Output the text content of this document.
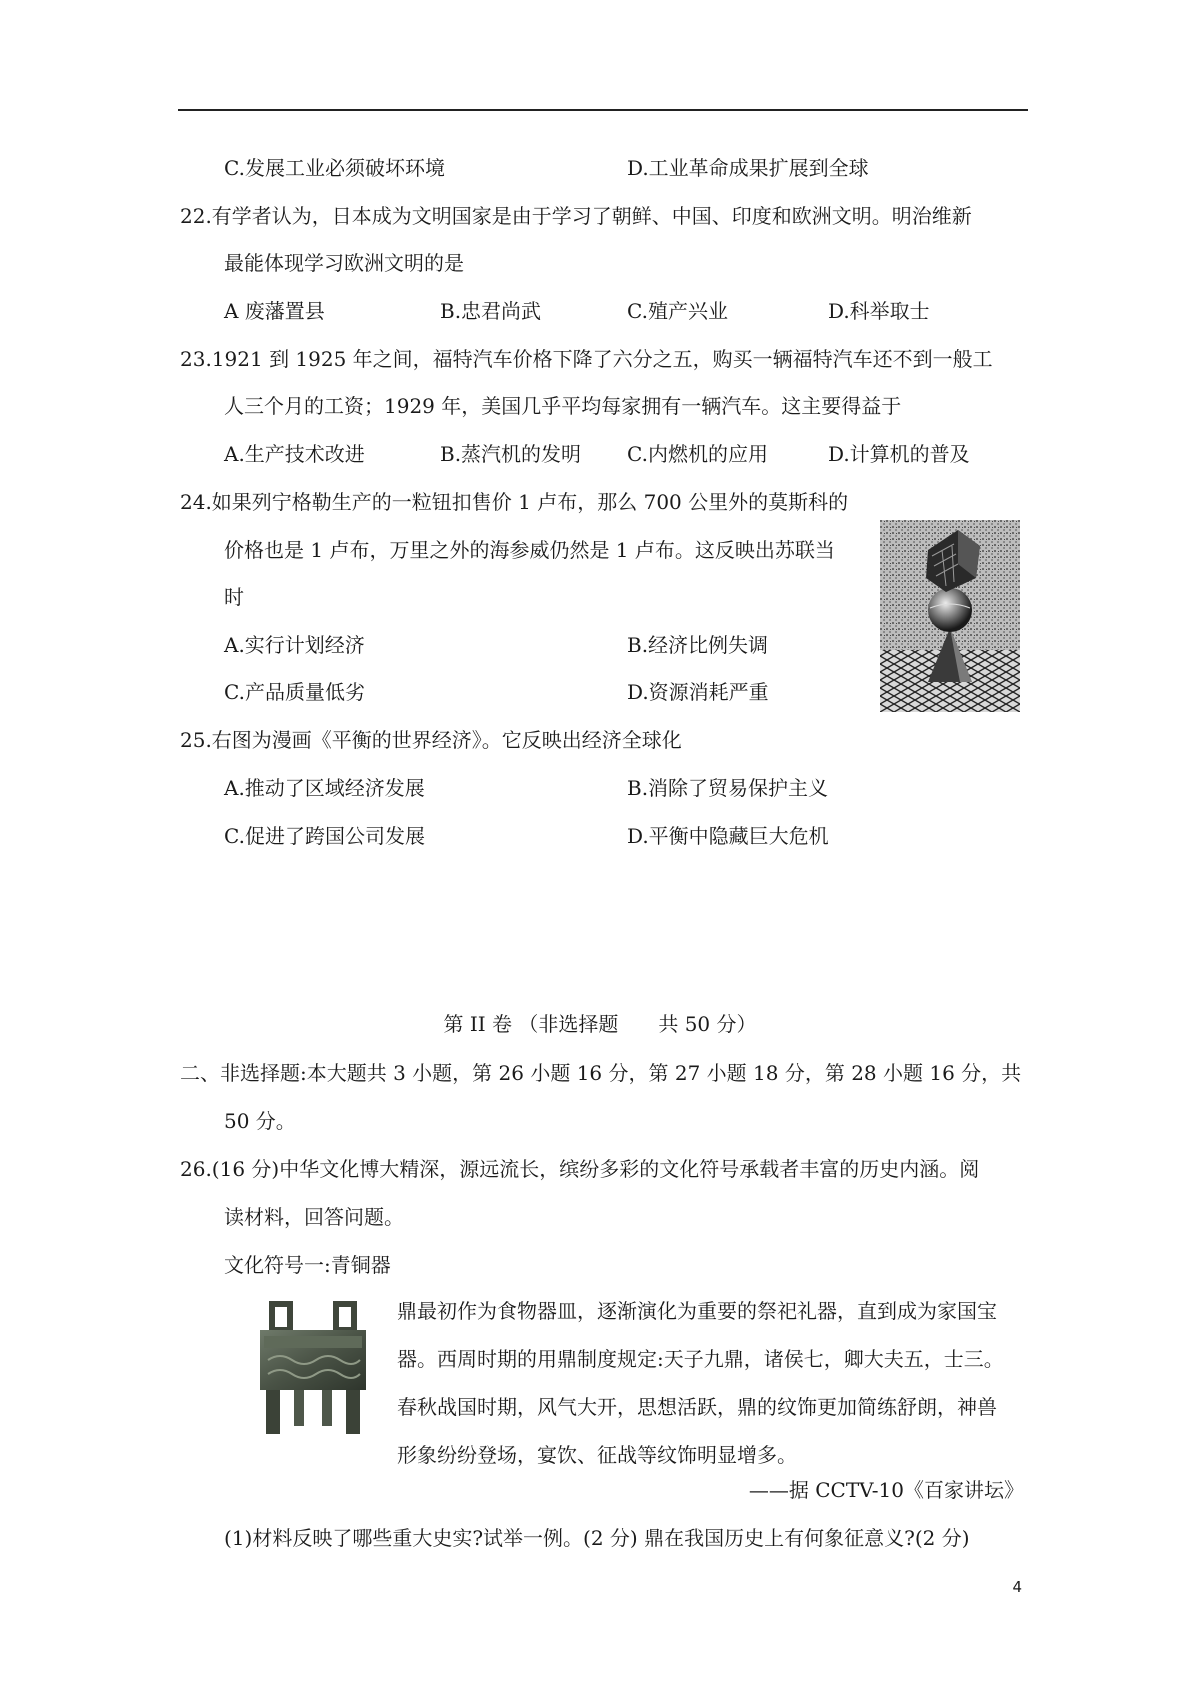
C.发展工业必须破坏环境	D.工业革命成果扩展到全球
22.有学者认为，日本成为文明国家是由于学习了朝鲜、中国、印度和欧洲文明。明治维新
最能体现学习欧洲文明的是
A 废藩置县	B.忠君尚武	C.殖产兴业	D.科举取士
23.1921 到 1925 年之间，福特汽车价格下降了六分之五，购买一辆福特汽车还不到一般工
人三个月的工资；1929 年，美国几乎平均每家拥有一辆汽车。这主要得益于
A.生产技术改进	B.蒸汽机的发明 C.内燃机的应用	D.计算机的普及
24.如果列宁格勒生产的一粒钮扣售价 1 卢布，那么 700 公里外的莫斯科的
价格也是 1 卢布，万里之外的海参威仍然是 1 卢布。这反映出苏联当
时
A.实行计划经济	B.经济比例失调
C.产品质量低劣	D.资源消耗严重
25.右图为漫画《平衡的世界经济》。它反映出经济全球化
A.推动了区域经济发展	B.消除了贸易保护主义
C.促进了跨国公司发展	D.平衡中隐藏巨大危机
第 II 卷 （非选择题　　共 50 分）
二、非选择题:本大题共 3 小题，第 26 小题 16 分，第 27 小题 18 分，第 28 小题 16 分，共
50 分。
26.(16 分)中华文化博大精深，源远流长，缤纷多彩的文化符号承载者丰富的历史内涵。阅
读材料，回答问题。
文化符号一:青铜器
鼎最初作为食物器皿，逐渐演化为重要的祭祀礼器，直到成为家国宝
器。西周时期的用鼎制度规定:天子九鼎，诸侯七，卿大夫五，士三。
春秋战国时期，风气大开，思想活跃，鼎的纹饰更加简练舒朗，神兽
形象纷纷登场，宴饮、征战等纹饰明显增多。
——据 CCTV-10《百家讲坛》
(1)材料反映了哪些重大史实?试举一例。(2 分) 鼎在我国历史上有何象征意义?(2 分)
4
